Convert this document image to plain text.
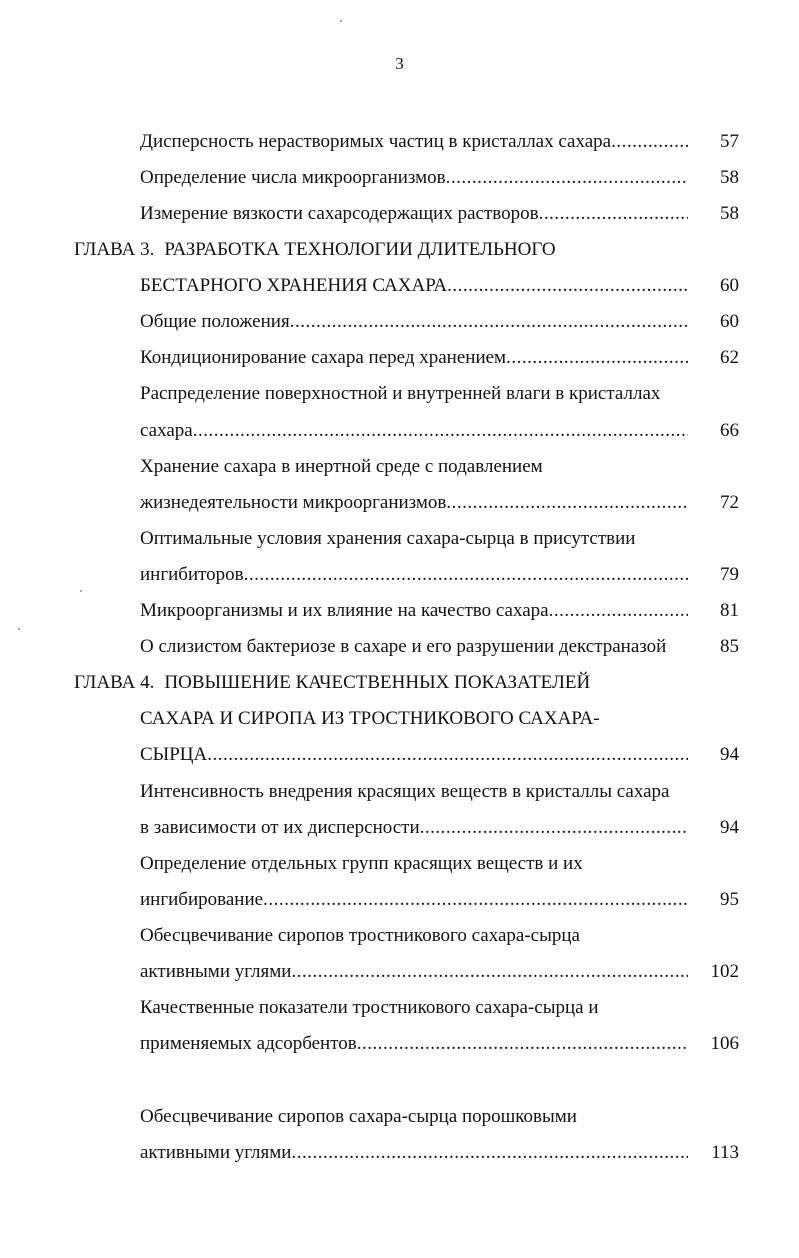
3
Дисперсность нерастворимых частиц в кристаллах сахара .....	57
Определение числа микроорганизмов .....	58
Измерение вязкости сахарсодержащих растворов .....	58
ГЛАВА 3. РАЗРАБОТКА ТЕХНОЛОГИИ ДЛИТЕЛЬНОГО
БЕСТАРНОГО ХРАНЕНИЯ САХАРА .....	60
Общие положения .....	60
Кондиционирование сахара перед хранением .....	62
Распределение поверхностной и внутренней влаги в кристаллах
сахара .....	66
Хранение сахара в инертной среде с подавлением
жизнедеятельности микроорганизмов .....	72
Оптимальные условия хранения сахара-сырца в присутствии
ингибиторов .....	79
Микроорганизмы и их влияние на качество сахара .....	81
О слизистом бактериозе в сахаре и его разрушении декстраназой	85
ГЛАВА 4. ПОВЫШЕНИЕ КАЧЕСТВЕННЫХ ПОКАЗАТЕЛЕЙ
САХАРА И СИРОПА ИЗ ТРОСТНИКОВОГО САХАРА-
СЫРЦА .....	94
Интенсивность внедрения красящих веществ в кристаллы сахара
в зависимости от их дисперсности .....	94
Определение отдельных групп красящих веществ и их
ингибирование .....	95
Обесцвечивание сиропов тростникового сахара-сырца
активными углями .....	102
Качественные показатели тростникового сахара-сырца и
применяемых адсорбентов .....	106
Обесцвечивание сиропов сахара-сырца порошковыми
активными углями .....	113
